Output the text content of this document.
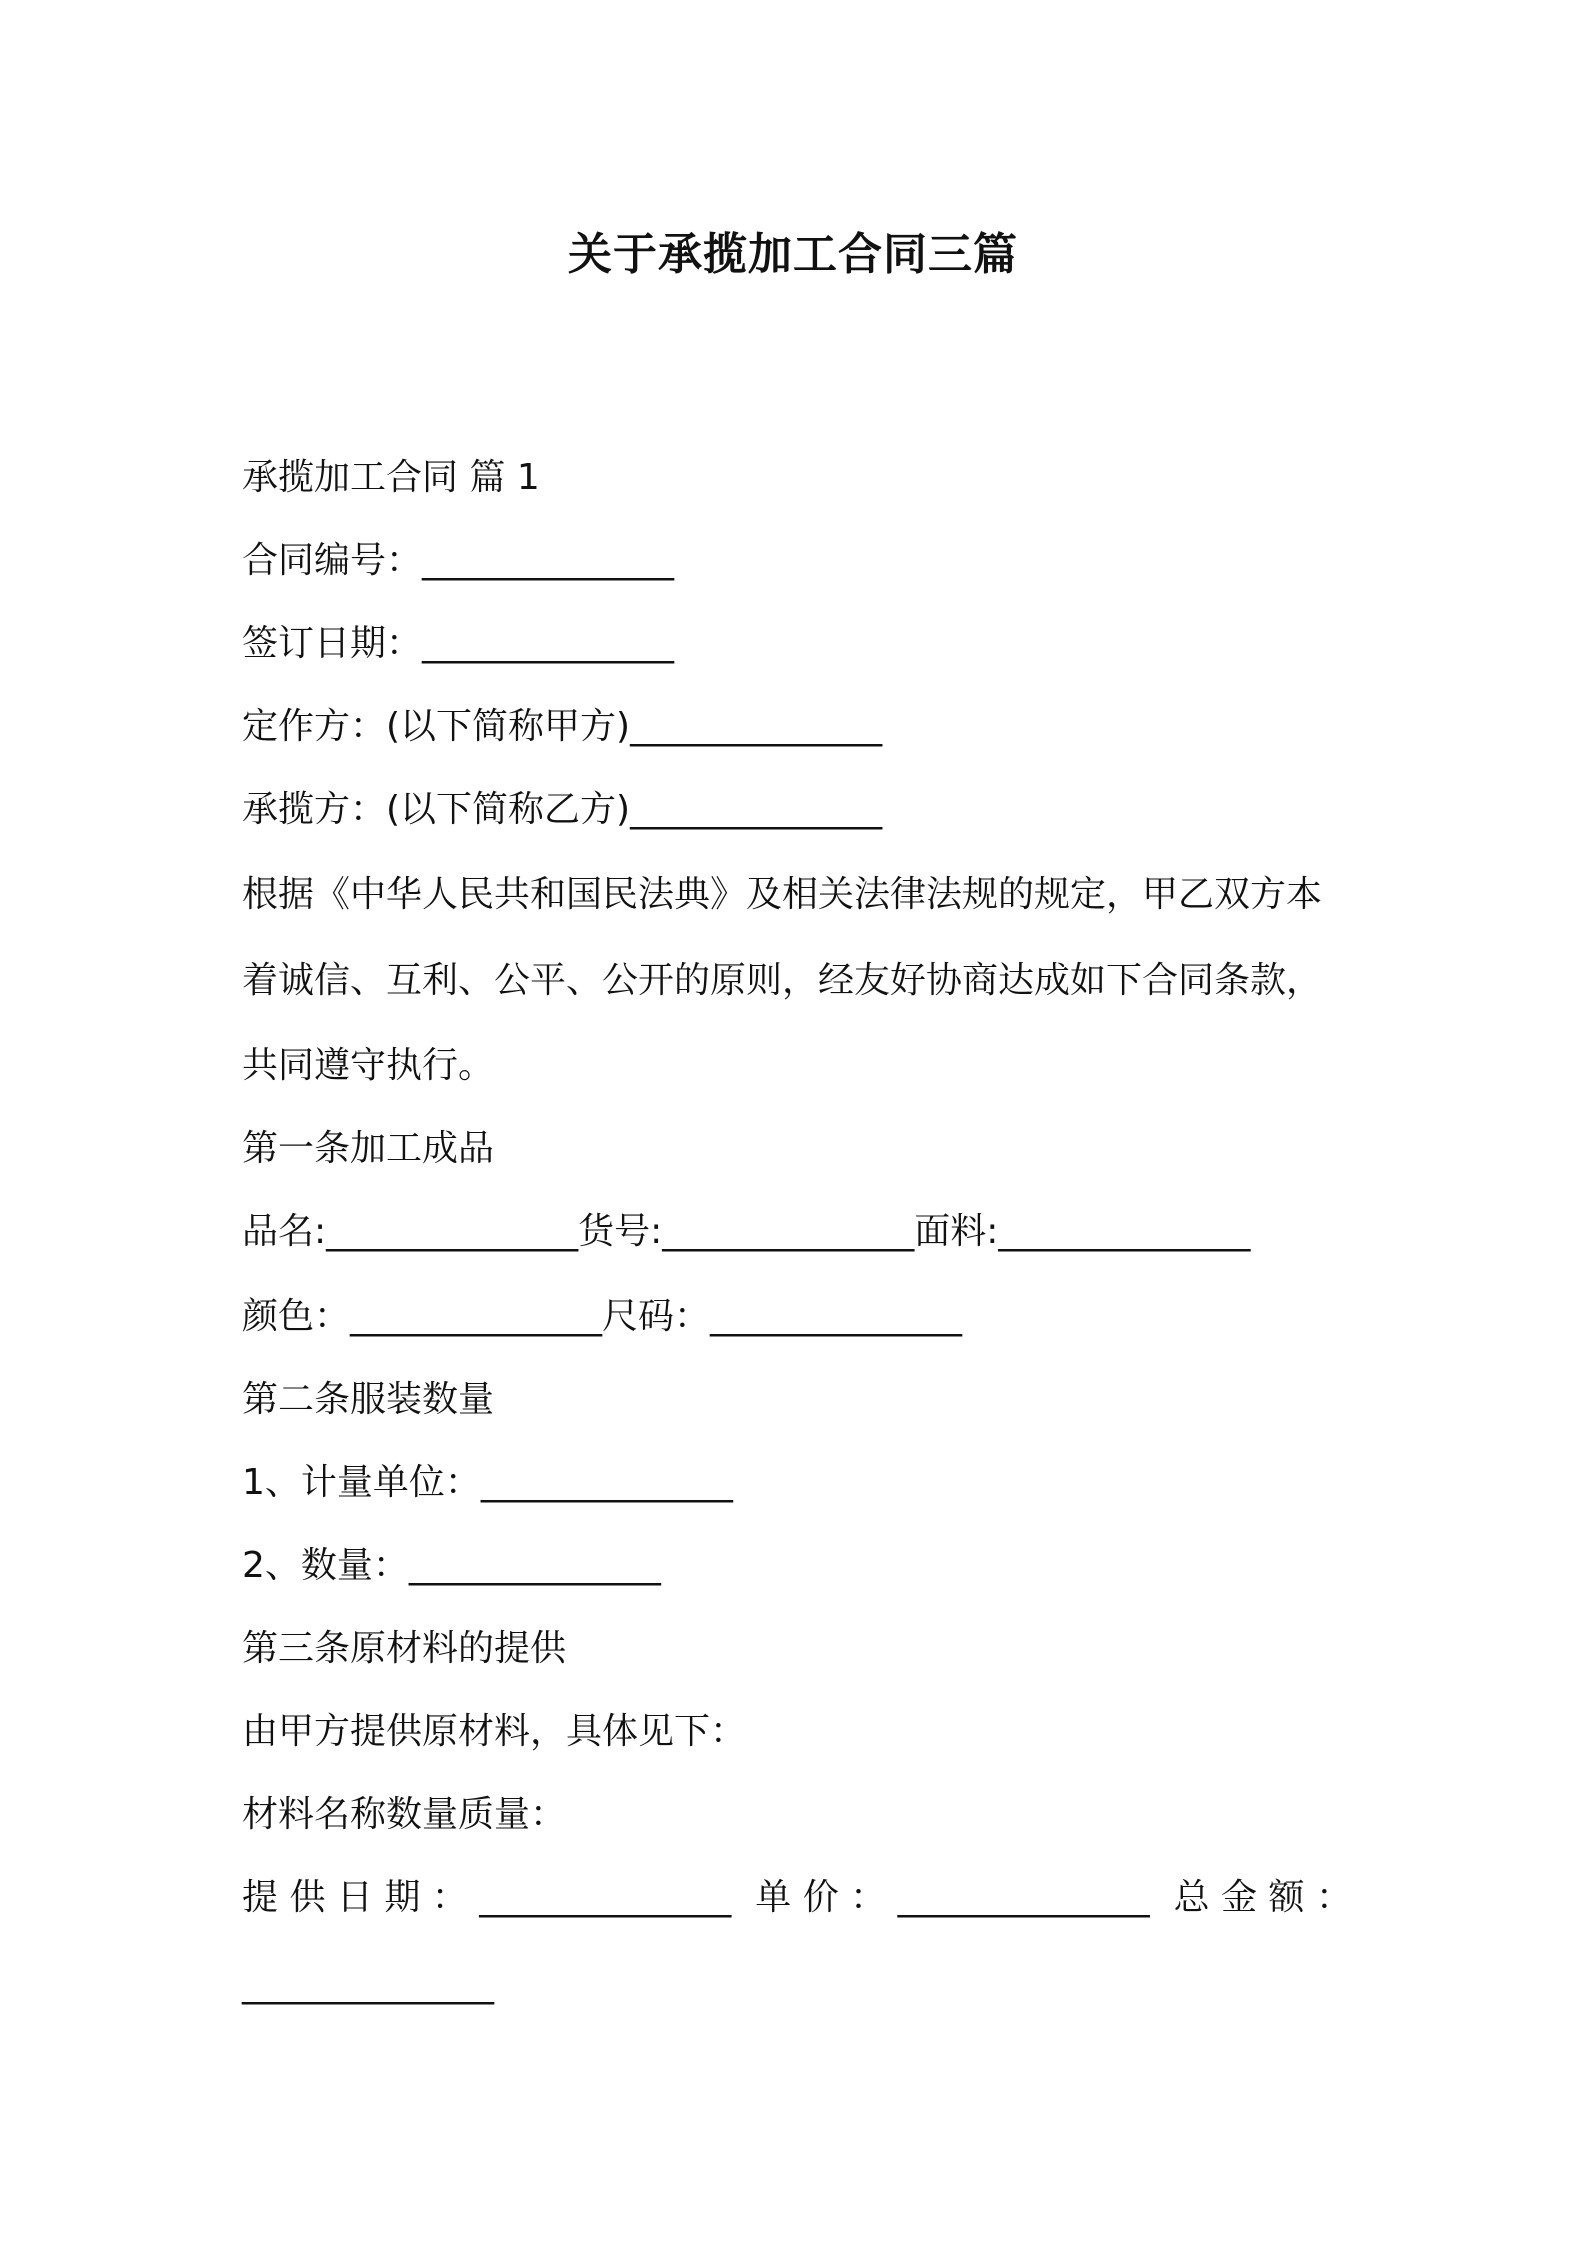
关于承揽加工合同三篇
承揽加工合同 篇 1
合同编号：______________
签订日期：______________
定作方：(以下简称甲方)______________
承揽方：(以下简称乙方)______________
根据《中华人民共和国民法典》及相关法律法规的规定，甲乙双方本
着诚信、互利、公平、公开的原则，经友好协商达成如下合同条款，
共同遵守执行。
第一条加工成品
品名:______________货号:______________面料:______________
颜色：______________尺码：______________
第二条服装数量
1、计量单位：______________
2、数量：______________
第三条原材料的提供
由甲方提供原材料，具体见下：
材料名称数量质量：
提 供 日 期 ： ______________ 单 价 ： ______________ 总 金 额 ：
______________
